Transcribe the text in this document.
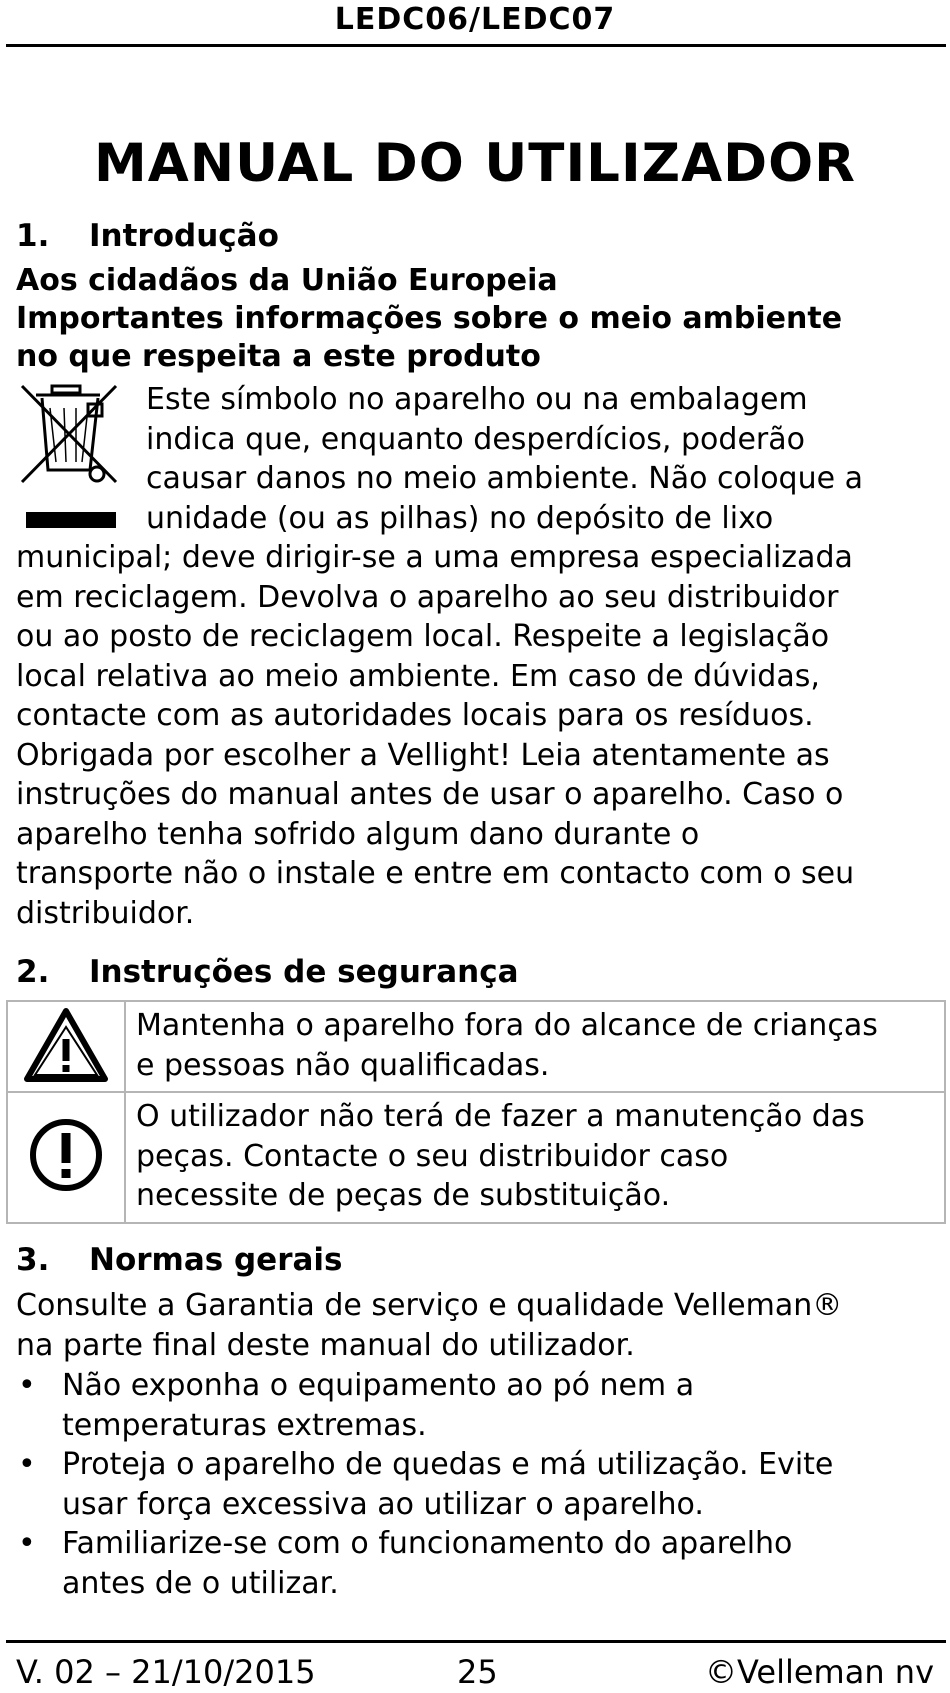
LEDC06/LEDC07
MANUAL DO UTILIZADOR
1. Introdução
Aos cidadãos da União Europeia
Importantes informações sobre o meio ambiente
no que respeita a este produto
Este símbolo no aparelho ou na embalagem
indica que, enquanto desperdícios, poderão
causar danos no meio ambiente. Não coloque a
unidade (ou as pilhas) no depósito de lixo
municipal; deve dirigir-se a uma empresa especializada
em reciclagem. Devolva o aparelho ao seu distribuidor
ou ao posto de reciclagem local. Respeite a legislação
local relativa ao meio ambiente. Em caso de dúvidas,
contacte com as autoridades locais para os resíduos.
Obrigada por escolher a Vellight! Leia atentamente as
instruções do manual antes de usar o aparelho. Caso o
aparelho tenha sofrido algum dano durante o
transporte não o instale e entre em contacto com o seu
distribuidor.
2. Instruções de segurança

Mantenha o aparelho fora do alcance de crianças
e pessoas não qualificadas.

O utilizador não terá de fazer a manutenção das
peças. Contacte o seu distribuidor caso
necessite de peças de substituição.
3. Normas gerais
Consulte a Garantia de serviço e qualidade Velleman®
na parte final deste manual do utilizador.
• Não exponha o equipamento ao pó nem a
temperaturas extremas.
• Proteja o aparelho de quedas e má utilização. Evite
usar força excessiva ao utilizar o aparelho.
• Familiarize-se com o funcionamento do aparelho
antes de o utilizar.
V. 02 – 21/10/2015	25	©Velleman nv
